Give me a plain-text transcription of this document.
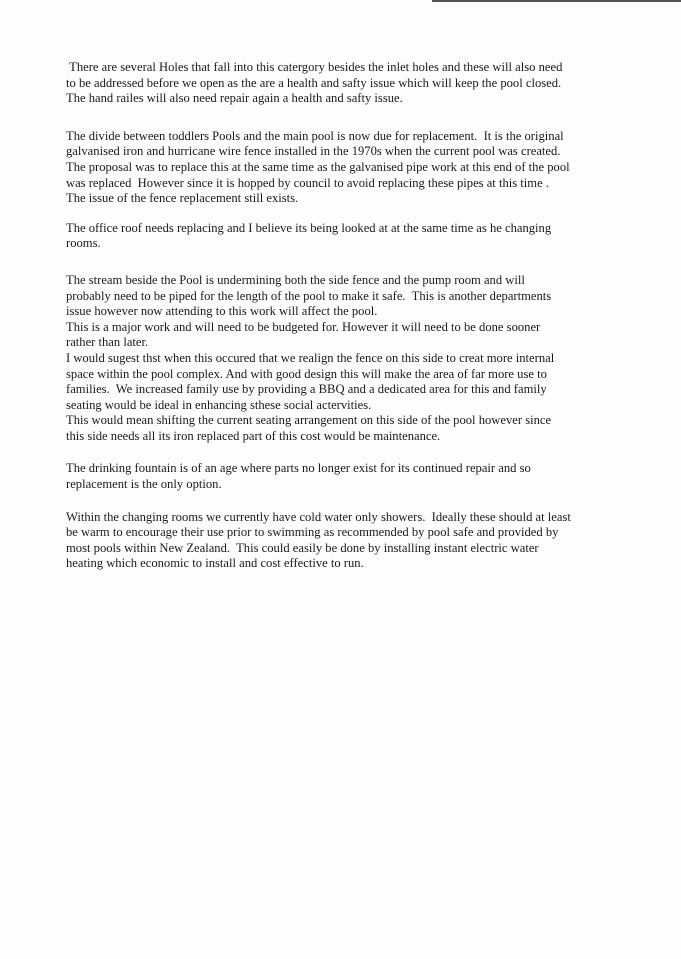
There are several Holes that fall into this catergory besides the inlet holes and these will also need
to be addressed before we open as the are a health and safty issue which will keep the pool closed.
The hand railes will also need repair again a health and safty issue.

The divide between toddlers Pools and the main pool is now due for replacement.  It is the original
galvanised iron and hurricane wire fence installed in the 1970s when the current pool was created.
The proposal was to replace this at the same time as the galvanised pipe work at this end of the pool
was replaced  However since it is hopped by council to avoid replacing these pipes at this time .
The issue of the fence replacement still exists.

The office roof needs replacing and I believe its being looked at at the same time as he changing
rooms.

The stream beside the Pool is undermining both the side fence and the pump room and will
probably need to be piped for the length of the pool to make it safe.  This is another departments
issue however now attending to this work will affect the pool.
This is a major work and will need to be budgeted for. However it will need to be done sooner
rather than later.
I would sugest thst when this occured that we realign the fence on this side to creat more internal
space within the pool complex. And with good design this will make the area of far more use to
families.  We increased family use by providing a BBQ and a dedicated area for this and family
seating would be ideal in enhancing sthese social actervities.
This would mean shifting the current seating arrangement on this side of the pool however since
this side needs all its iron replaced part of this cost would be maintenance.

The drinking fountain is of an age where parts no longer exist for its continued repair and so
replacement is the only option.

Within the changing rooms we currently have cold water only showers.  Ideally these should at least
be warm to encourage their use prior to swimming as recommended by pool safe and provided by
most pools within New Zealand.  This could easily be done by installing instant electric water
heating which economic to install and cost effective to run.
